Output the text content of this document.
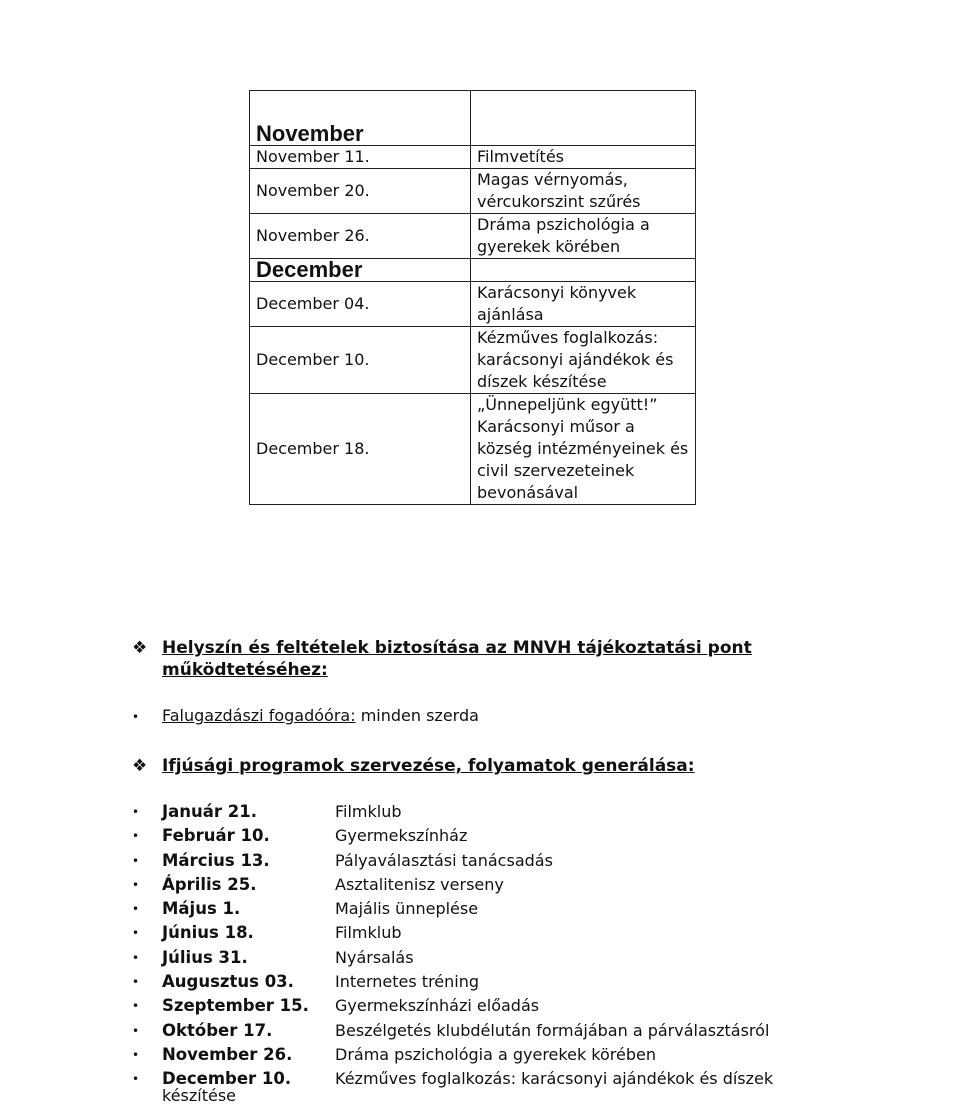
November	
November 11.	Filmvetítés
November 20.	Magas vérnyomás, vércukorszint szűrés
November 26.	Dráma pszichológia a gyerekek körében
December	
December 04.	Karácsonyi könyvek ajánlása
December 10.	Kézműves foglalkozás: karácsonyi ajándékok és díszek készítése
December 18.	„Ünnepeljünk együtt!” Karácsonyi műsor a község intézményeinek és civil szervezeteinek bevonásával
❖ Helyszín és feltételek biztosítása az MNVH tájékoztatási pont működtetéséhez:
• Falugazdászi fogadóóra: minden szerda
❖ Ifjúsági programok szervezése, folyamatok generálása:
• Január 21.	Filmklub
• Február 10.	Gyermekszínház
• Március 13.	Pályaválasztási tanácsadás
• Április 25.	Asztalitenisz verseny
• Május 1.	Majális ünneplése
• Június 18.	Filmklub
• Július 31.	Nyársalás
• Augusztus 03.	Internetes tréning
• Szeptember 15. Gyermekszínházi előadás
• Október 17.	Beszélgetés klubdélután formájában a párválasztásról
• November 26.	Dráma pszichológia a gyerekek körében
• December 10.	Kézműves foglalkozás: karácsonyi ajándékok és díszek
készítése
